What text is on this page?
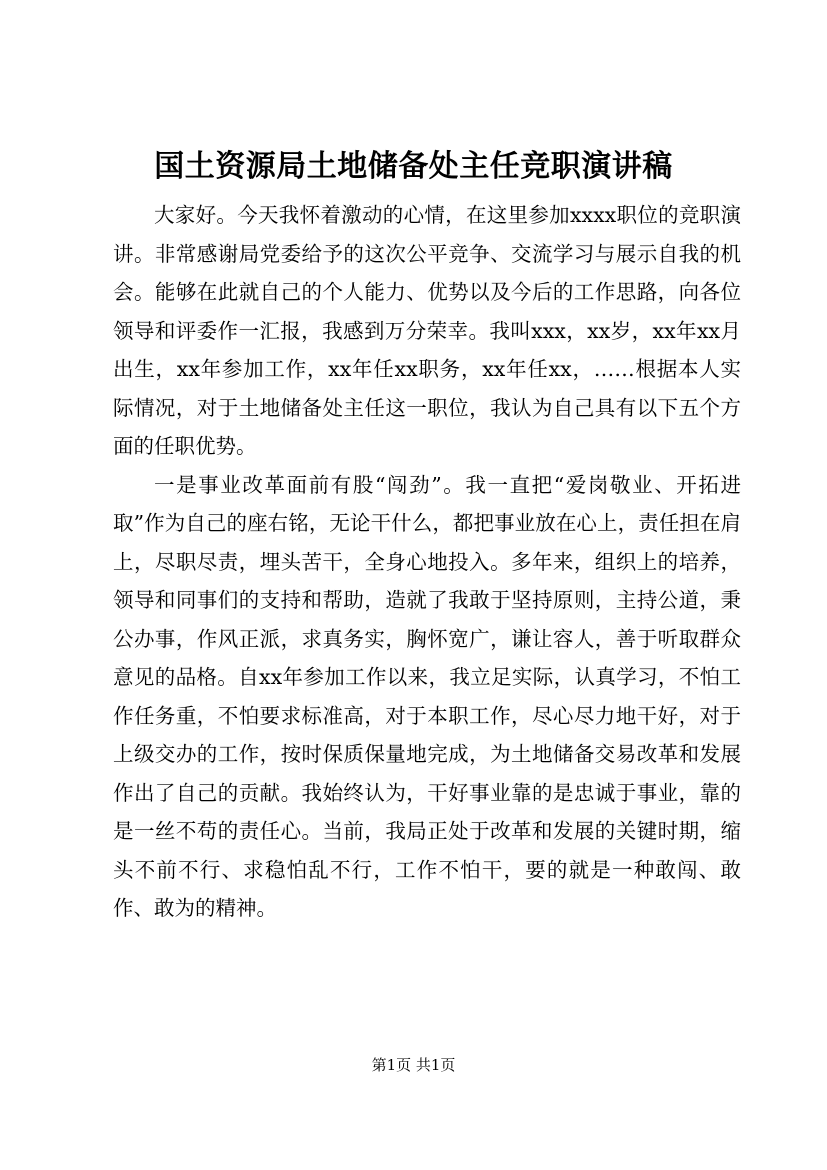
国土资源局土地储备处主任竞职演讲稿

大家好。今天我怀着激动的心情，在这里参加xxxx职位的竞职演讲。非常感谢局党委给予的这次公平竞争、交流学习与展示自我的机会。能够在此就自己的个人能力、优势以及今后的工作思路，向各位领导和评委作一汇报，我感到万分荣幸。我叫xxx，xx岁，xx年xx月出生，xx年参加工作，xx年任xx职务，xx年任xx，……根据本人实际情况，对于土地储备处主任这一职位，我认为自己具有以下五个方面的任职优势。

一是事业改革面前有股“闯劲”。我一直把“爱岗敬业、开拓进取”作为自己的座右铭，无论干什么，都把事业放在心上，责任担在肩上，尽职尽责，埋头苦干，全身心地投入。多年来，组织上的培养，领导和同事们的支持和帮助，造就了我敢于坚持原则，主持公道，秉公办事，作风正派，求真务实，胸怀宽广，谦让容人，善于听取群众意见的品格。自xx年参加工作以来，我立足实际，认真学习，不怕工作任务重，不怕要求标准高，对于本职工作，尽心尽力地干好，对于上级交办的工作，按时保质保量地完成，为土地储备交易改革和发展作出了自己的贡献。我始终认为，干好事业靠的是忠诚于事业，靠的是一丝不苟的责任心。当前，我局正处于改革和发展的关键时期，缩头不前不行、求稳怕乱不行，工作不怕干，要的就是一种敢闯、敢作、敢为的精神。

第1页 共1页
